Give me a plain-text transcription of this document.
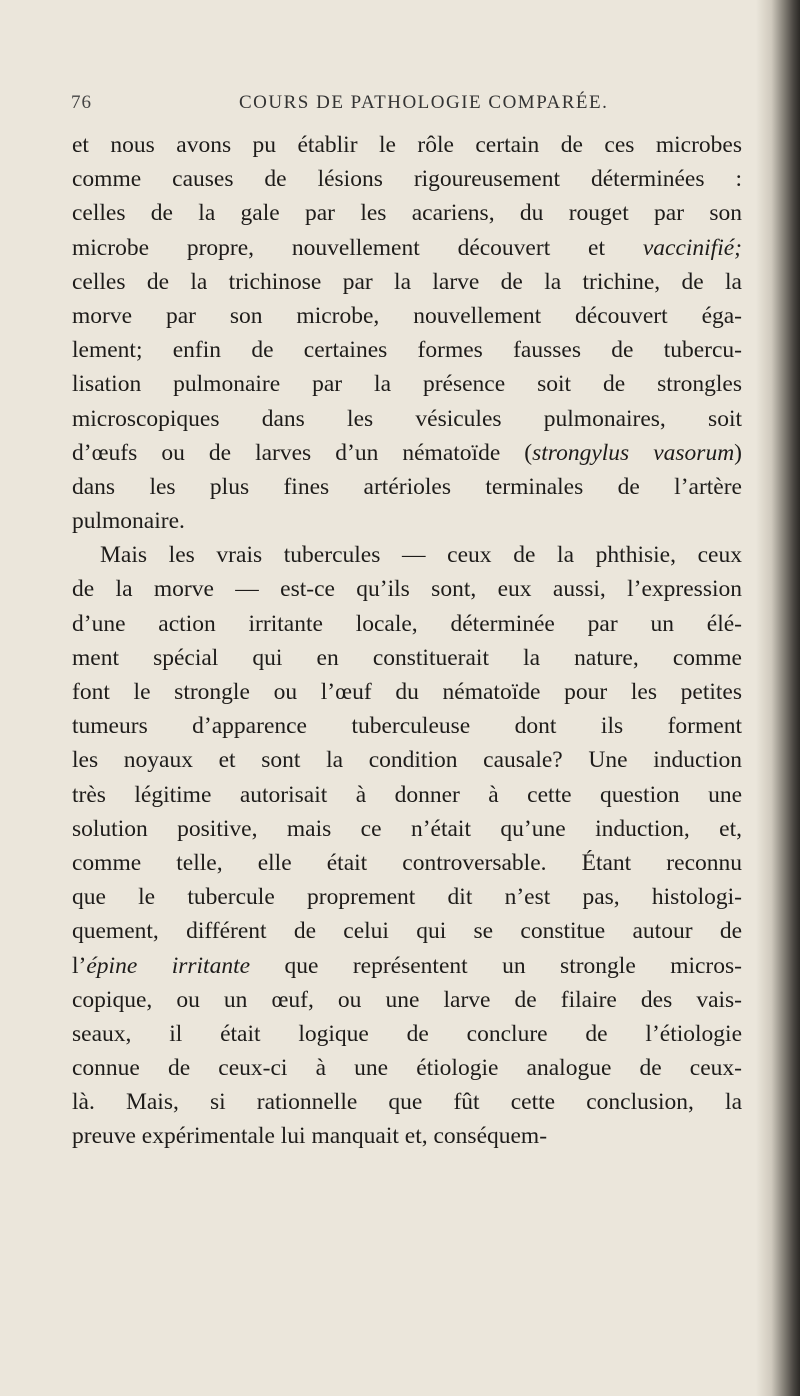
76	COURS DE PATHOLOGIE COMPARÉE.
et nous avons pu établir le rôle certain de ces microbes
comme causes de lésions rigoureusement déterminées :
celles de la gale par les acariens, du rouget par son
microbe propre, nouvellement découvert et vaccinifié;
celles de la trichinose par la larve de la trichine, de la
morve par son microbe, nouvellement découvert éga-
lement; enfin de certaines formes fausses de tubercu-
lisation pulmonaire par la présence soit de strongles
microscopiques dans les vésicules pulmonaires, soit
d’œufs ou de larves d’un nématoïde (strongylus vasorum)
dans les plus fines artérioles terminales de l’artère
pulmonaire.
Mais les vrais tubercules — ceux de la phthisie, ceux
de la morve — est-ce qu’ils sont, eux aussi, l’expression
d’une action irritante locale, déterminée par un élé-
ment spécial qui en constituerait la nature, comme
font le strongle ou l’œuf du nématoïde pour les petites
tumeurs d’apparence tuberculeuse dont ils forment
les noyaux et sont la condition causale? Une induction
très légitime autorisait à donner à cette question une
solution positive, mais ce n’était qu’une induction, et,
comme telle, elle était controversable. Étant reconnu
que le tubercule proprement dit n’est pas, histologi-
quement, différent de celui qui se constitue autour de
l’épine irritante que représentent un strongle micros-
copique, ou un œuf, ou une larve de filaire des vais-
seaux, il était logique de conclure de l’étiologie
connue de ceux-ci à une étiologie analogue de ceux-
là. Mais, si rationnelle que fût cette conclusion, la
preuve expérimentale lui manquait et, conséquem-
